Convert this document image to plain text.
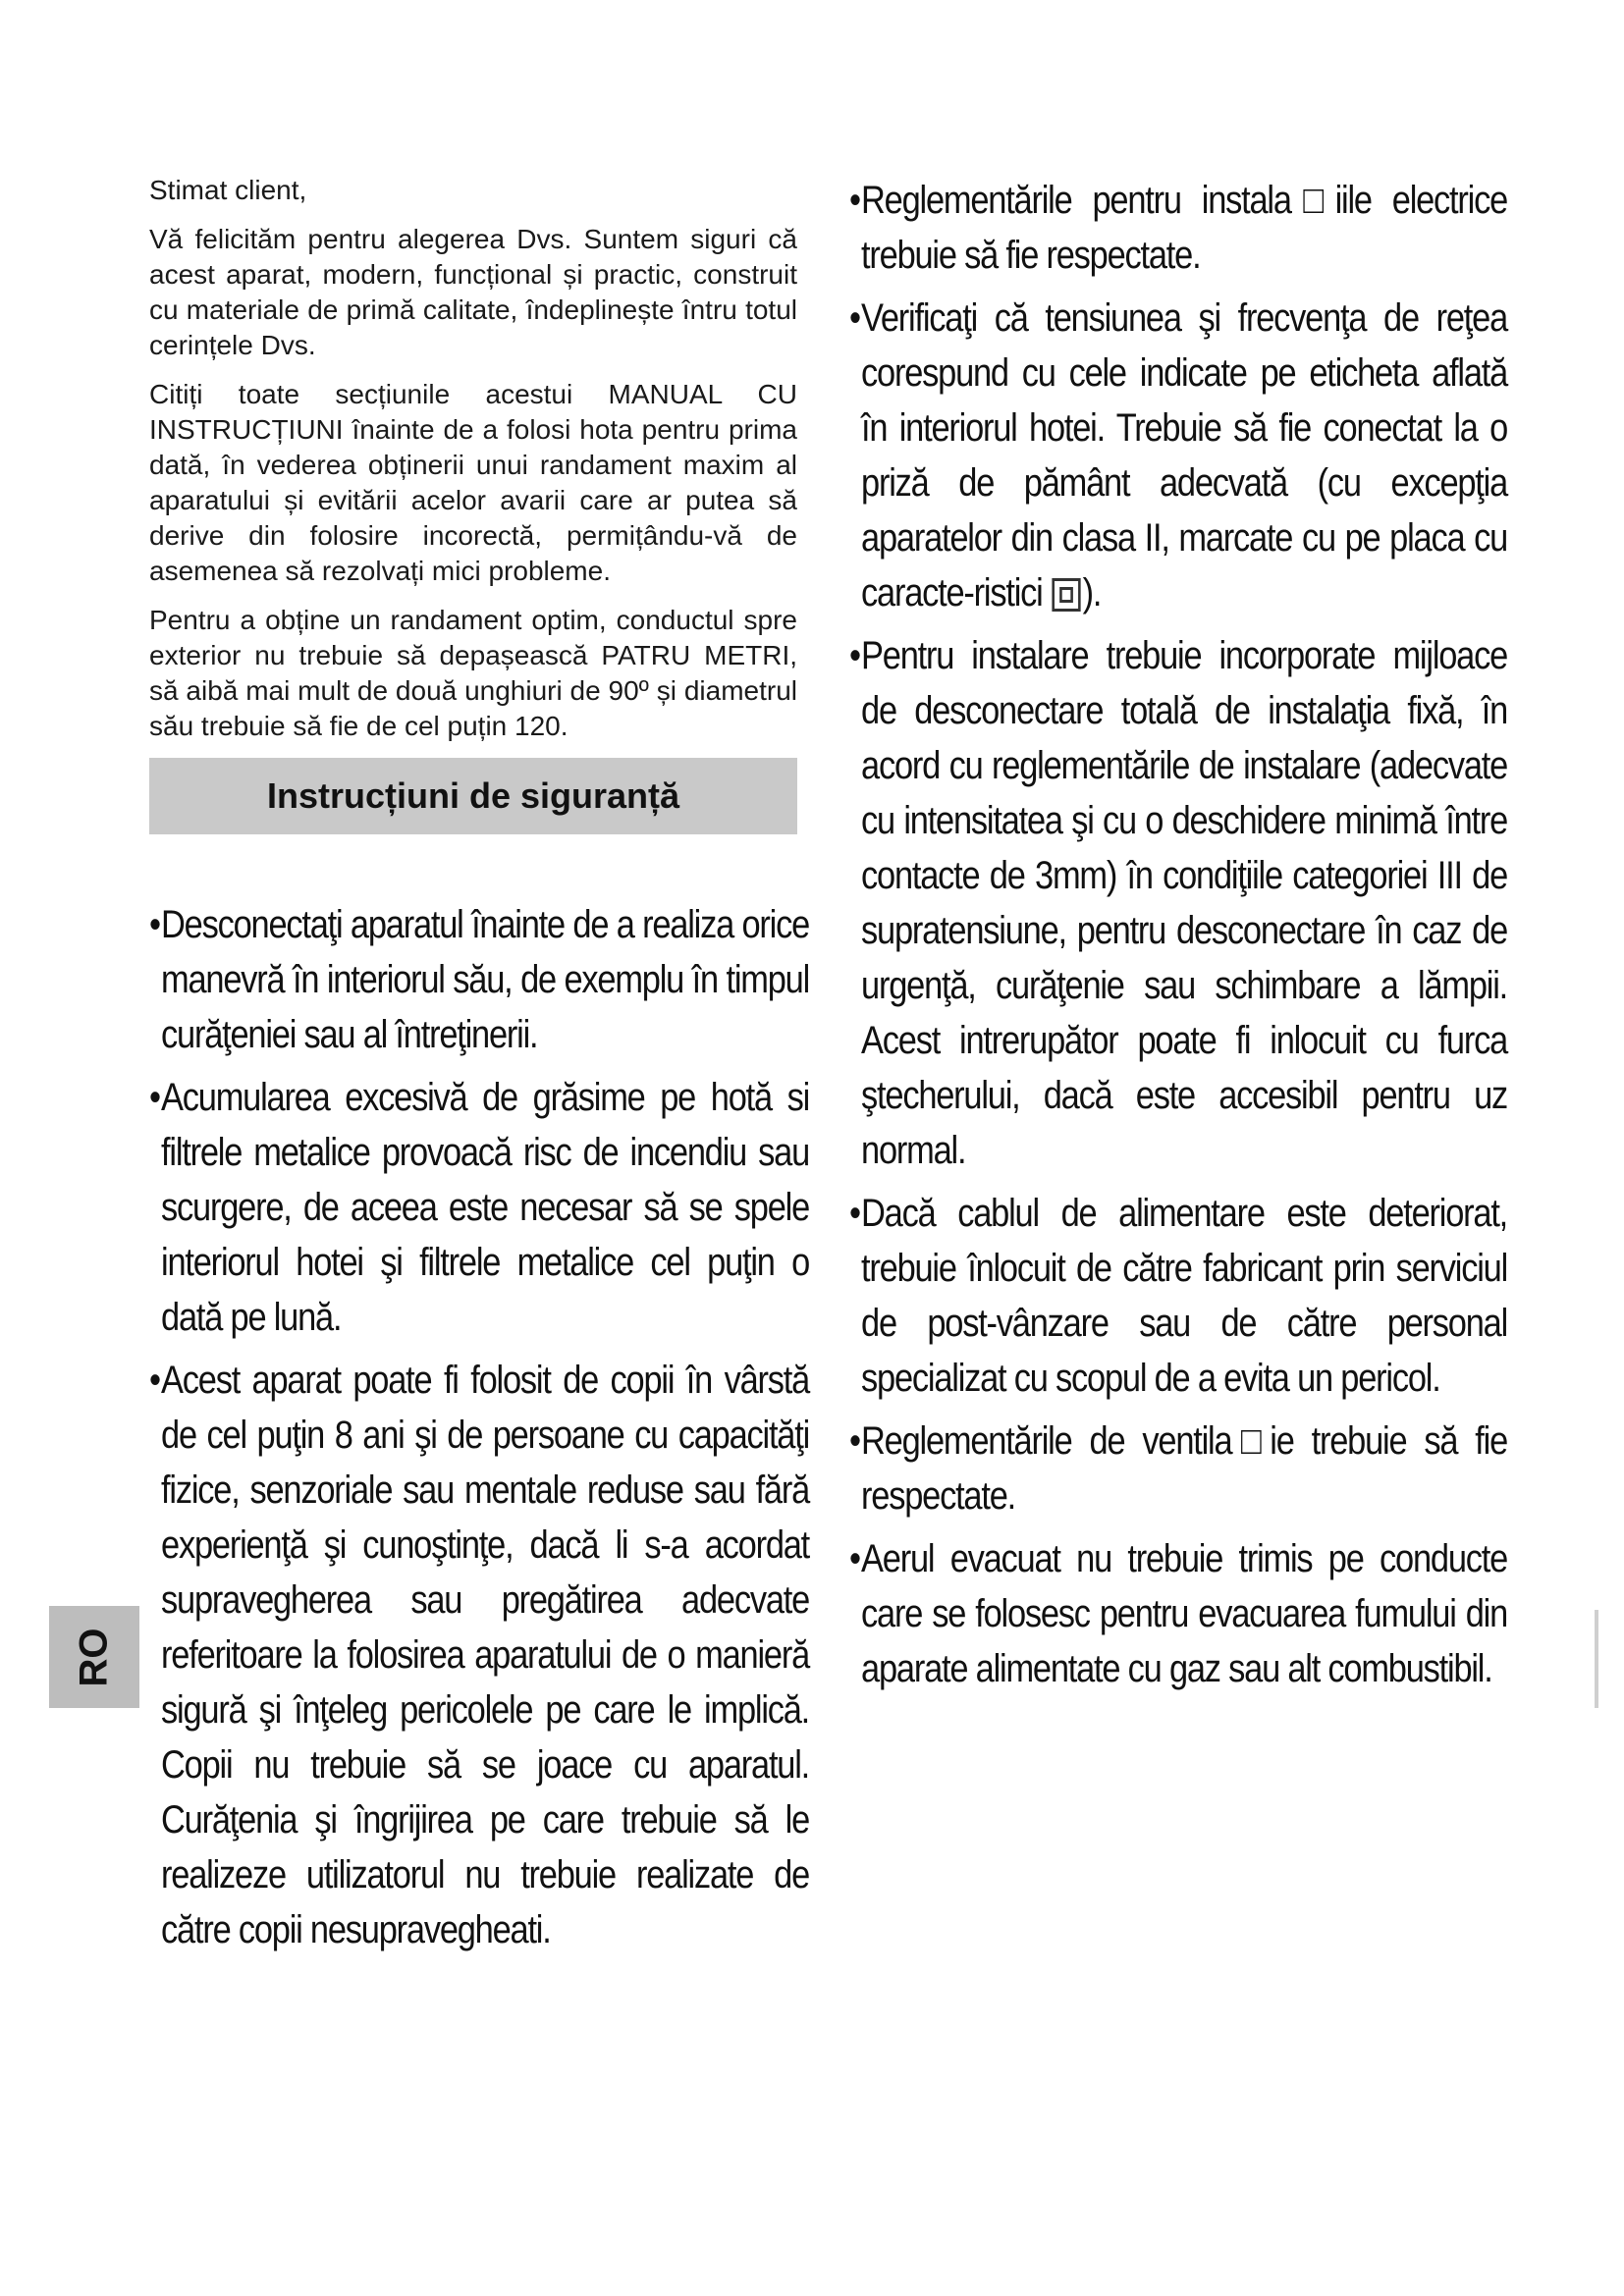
Stimat client,

Vă felicităm pentru alegerea Dvs. Suntem siguri că acest aparat, modern, funcțional și practic, construit cu materiale de primă calitate, îndeplinește întru totul cerințele Dvs.

Citiți toate secțiunile acestui MANUAL CU INSTRUCȚIUNI înainte de a folosi hota pentru prima dată, în vederea obținerii unui randament maxim al aparatului și evitării acelor avarii care ar putea să derive din folosire incorectă, permițându-vă de asemenea să rezolvați mici probleme.

Pentru a obține un randament optim, conductul spre exterior nu trebuie să depașească PATRU METRI, să aibă mai mult de două unghiuri de 90º și diametrul său trebuie să fie de cel puțin 120.

Instrucțiuni de siguranță

•Desconectaţi aparatul înainte de a realiza orice manevră în interiorul său, de exemplu în timpul curăţeniei sau al întreţinerii.

•Acumularea excesivă de grăsime pe hotă si filtrele metalice provoacă risc de incendiu sau scurgere, de aceea este necesar să se spele interiorul hotei şi filtrele metalice cel puţin o dată pe lună.

•Acest aparat poate fi folosit de copii în vârstă de cel puţin 8 ani şi de persoane cu capacităţi fizice, senzoriale sau mentale reduse sau fără experienţă şi cunoştinţe, dacă li s-a acordat supravegherea sau pregătirea adecvate referitoare la folosirea aparatului de o manieră sigură şi înţeleg pericolele pe care le implică. Copii nu trebuie să se joace cu aparatul. Curăţenia şi îngrijirea pe care trebuie să le realizeze utilizatorul nu trebuie realizate de către copii nesupravegheati.

•Reglementările pentru instala□iile electrice trebuie să fie respectate.

•Verificaţi că tensiunea şi frecvenţa de reţea corespund cu cele indicate pe eticheta aflată în interiorul hotei. Trebuie să fie conectat la o priză de pământ adecvată (cu excepţia aparatelor din clasa II, marcate cu pe placa cu caracte-ristici ).

•Pentru instalare trebuie incorporate mijloace de desconectare totală de instalaţia fixă, în acord cu reglementările de instalare (adecvate cu intensitatea şi cu o deschidere minimă între contacte de 3mm) în condiţiile categoriei III de supratensiune, pentru desconectare în caz de urgenţă, curăţenie sau schimbare a lămpii. Acest intrerupător poate fi inlocuit cu furca ştecherului, dacă este accesibil pentru uz normal.

•Dacă cablul de alimentare este deteriorat, trebuie înlocuit de către fabricant prin serviciul de post-vânzare sau de către personal specializat cu scopul de a evita un pericol.

•Reglementările de ventila□ie trebuie să fie respectate.

•Aerul evacuat nu trebuie trimis pe conducte care se folosesc pentru evacuarea fumului din aparate alimentate cu gaz sau alt combustibil.

RO
